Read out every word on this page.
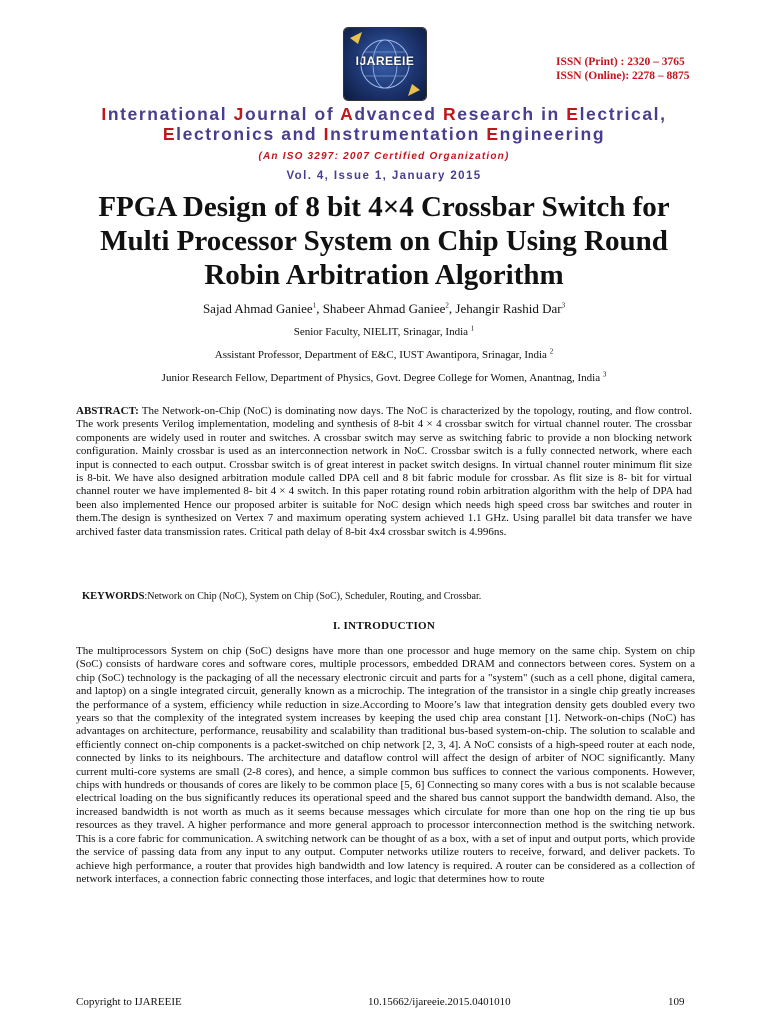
IJAREEIE	ISSN (Print) : 2320 – 3765
ISSN (Online): 2278 – 8875
International Journal of Advanced Research in Electrical,
Electronics and Instrumentation Engineering
(An ISO 3297: 2007 Certified Organization)
Vol. 4, Issue 1, January 2015
FPGA Design of 8 bit 4×4 Crossbar Switch for
Multi Processor System on Chip Using Round
Robin Arbitration Algorithm
Sajad Ahmad Ganiee$^1$, Shabeer Ahmad Ganiee$^2$, Jehangir Rashid Dar$^3$
Senior Faculty, NIELIT, Srinagar, India $^1$
Assistant Professor, Department of E&C, IUST Awantipora, Srinagar, India $^2$
Junior Research Fellow, Department of Physics, Govt. Degree College for Women, Anantnag, India $^3$

ABSTRACT: The Network-on-Chip (NoC) is dominating now days. The NoC is characterized by the topology, routing, and flow control. The work presents Verilog implementation, modeling and synthesis of 8-bit 4 × 4 crossbar switch for virtual channel router. The crossbar components are widely used in router and switches. A crossbar switch may serve as switching fabric to provide a non blocking network configuration. Mainly crossbar is used as an interconnection network in NoC. Crossbar switch is a fully connected network, where each input is connected to each output. Crossbar switch is of great interest in packet switch designs. In virtual channel router minimum flit size is 8-bit. We have also designed arbitration module called DPA cell and 8 bit fabric module for crossbar. As flit size is 8- bit for virtual channel router we have implemented 8- bit 4 × 4 switch. In this paper rotating round robin arbitration algorithm with the help of DPA had been also implemented Hence our proposed arbiter is suitable for NoC design which needs high speed cross bar switches and router in them.The design is synthesized on Vertex 7 and maximum operating system achieved 1.1 GHz. Using parallel bit data transfer we have archived faster data transmission rates. Critical path delay of 8-bit 4x4 crossbar switch is 4.996ns.

KEYWORDS:Network on Chip (NoC), System on Chip (SoC), Scheduler, Routing, and Crossbar.

I. INTRODUCTION

The multiprocessors System on chip (SoC) designs have more than one processor and huge memory on the same chip. System on chip (SoC) consists of hardware cores and software cores, multiple processors, embedded DRAM and connectors between cores. System on a chip (SoC) technology is the packaging of all the necessary electronic circuit and parts for a "system" (such as a cell phone, digital camera, and laptop) on a single integrated circuit, generally known as a microchip. The integration of the transistor in a single chip greatly increases the performance of a system, efficiency while reduction in size.According to Moore’s law that integration density gets doubled every two years so that the complexity of the integrated system increases by keeping the used chip area constant [1]. Network-on-chips (NoC) has advantages on architecture, performance, reusability and scalability than traditional bus-based system-on-chip. The solution to scalable and efficiently connect on-chip components is a packet-switched on chip network [2, 3, 4]. A NoC consists of a high-speed router at each node, connected by links to its neighbours. The architecture and dataflow control will affect the design of arbiter of NOC significantly. Many current multi-core systems are small (2-8 cores), and hence, a simple common bus suffices to connect the various components. However, chips with hundreds or thousands of cores are likely to be common place [5, 6] Connecting so many cores with a bus is not scalable because electrical loading on the bus significantly reduces its operational speed and the shared bus cannot support the bandwidth demand. Also, the increased bandwidth is not worth as much as it seems because messages which circulate for more than one hop on the ring tie up bus resources as they travel. A higher performance and more general approach to processor interconnection method is the switching network. This is a core fabric for communication. A switching network can be thought of as a box, with a set of input and output ports, which provide the service of passing data from any input to any output. Computer networks utilize routers to receive, forward, and deliver packets. To achieve high performance, a router that provides high bandwidth and low latency is required. A router can be considered as a collection of network interfaces, a connection fabric connecting those interfaces, and logic that determines how to route

Copyright to IJAREEIE	10.15662/ijareeie.2015.0401010	109
